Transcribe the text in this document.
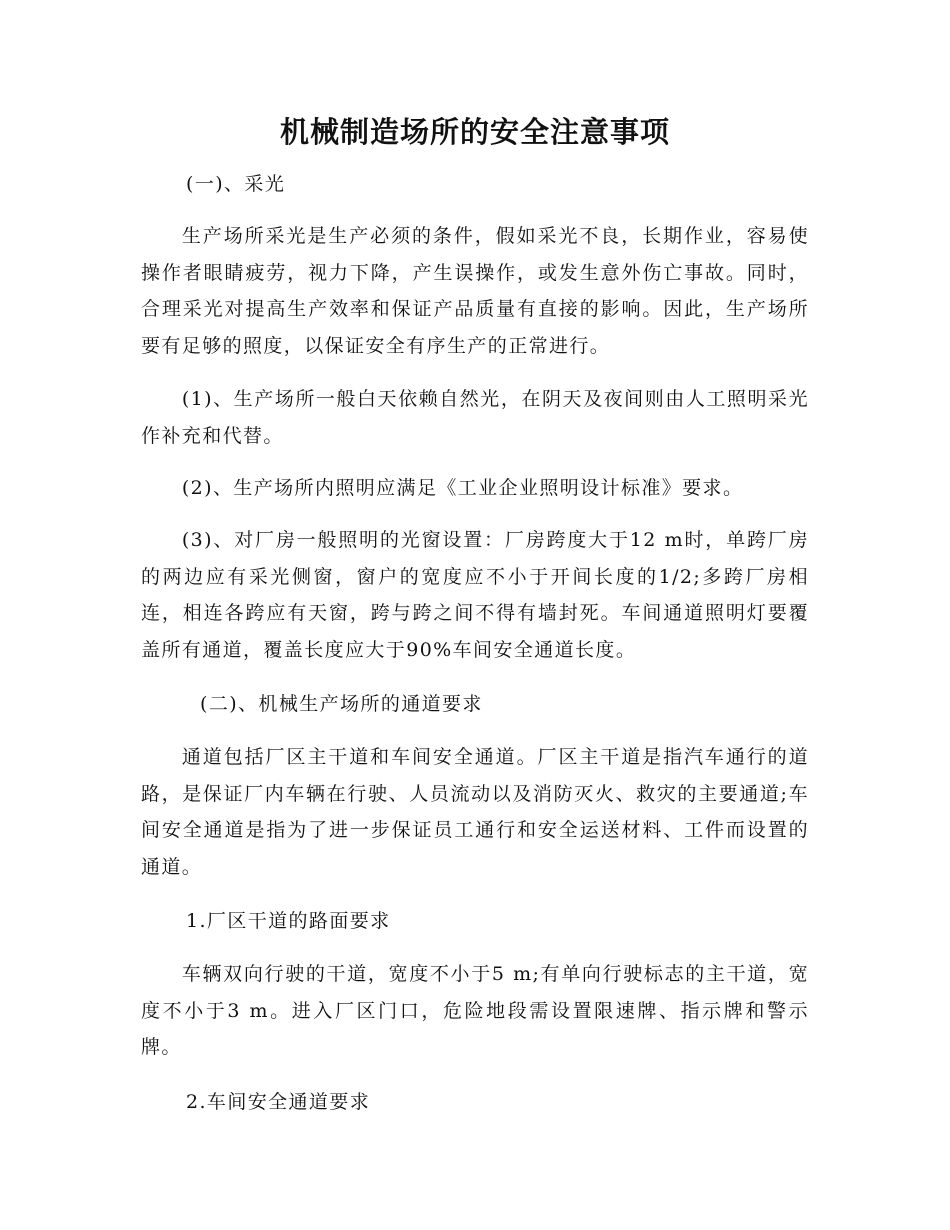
机械制造场所的安全注意事项

(一)、采光

生产场所采光是生产必须的条件，假如采光不良，长期作业，容易使操作者眼睛疲劳，视力下降，产生误操作，或发生意外伤亡事故。同时，合理采光对提高生产效率和保证产品质量有直接的影响。因此，生产场所要有足够的照度，以保证安全有序生产的正常进行。

(1)、生产场所一般白天依赖自然光，在阴天及夜间则由人工照明采光作补充和代替。

(2)、生产场所内照明应满足《工业企业照明设计标准》要求。

(3)、对厂房一般照明的光窗设置：厂房跨度大于12 m时，单跨厂房的两边应有采光侧窗，窗户的宽度应不小于开间长度的1/2;多跨厂房相连，相连各跨应有天窗，跨与跨之间不得有墙封死。车间通道照明灯要覆盖所有通道，覆盖长度应大于90%车间安全通道长度。

(二)、机械生产场所的通道要求

通道包括厂区主干道和车间安全通道。厂区主干道是指汽车通行的道路，是保证厂内车辆在行驶、人员流动以及消防灭火、救灾的主要通道;车间安全通道是指为了进一步保证员工通行和安全运送材料、工件而设置的通道。

1.厂区干道的路面要求

车辆双向行驶的干道，宽度不小于5 m;有单向行驶标志的主干道，宽度不小于3 m。进入厂区门口，危险地段需设置限速牌、指示牌和警示牌。

2.车间安全通道要求
